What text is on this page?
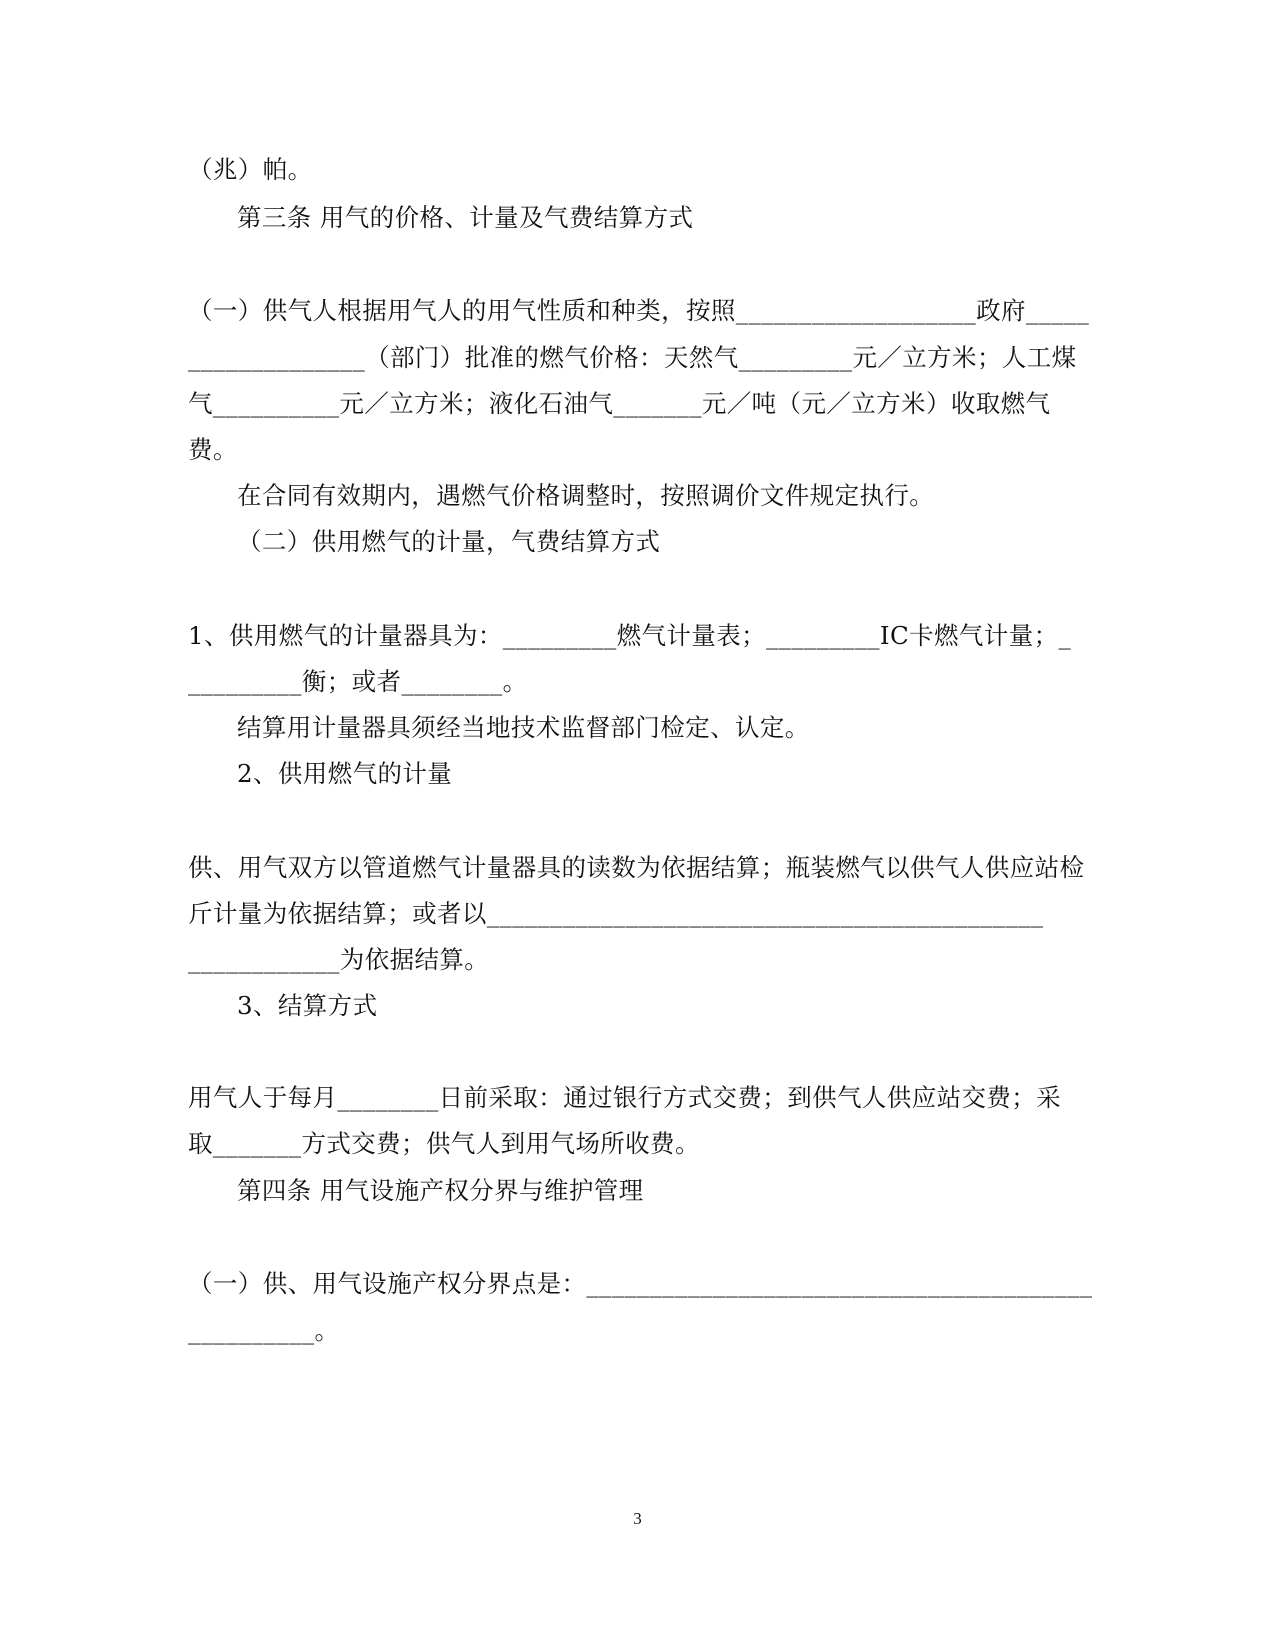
（兆）帕。
第三条 用气的价格、计量及气费结算方式
（一）供气人根据用气人的用气性质和种类，按照___________________政府_____
______________（部门）批准的燃气价格：天然气_________元／立方米；人工煤
气__________元／立方米；液化石油气_______元／吨（元／立方米）收取燃气
费。
在合同有效期内，遇燃气价格调整时，按照调价文件规定执行。
（二）供用燃气的计量，气费结算方式
1、供用燃气的计量器具为：_________燃气计量表；_________IC卡燃气计量；_
_________衡；或者________。
结算用计量器具须经当地技术监督部门检定、认定。
2、供用燃气的计量
供、用气双方以管道燃气计量器具的读数为依据结算；瓶装燃气以供气人供应站检
斤计量为依据结算；或者以____________________________________________
____________为依据结算。
3、结算方式
用气人于每月________日前采取：通过银行方式交费；到供气人供应站交费；采
取_______方式交费；供气人到用气场所收费。
第四条 用气设施产权分界与维护管理
（一）供、用气设施产权分界点是：________________________________________
__________。
3
